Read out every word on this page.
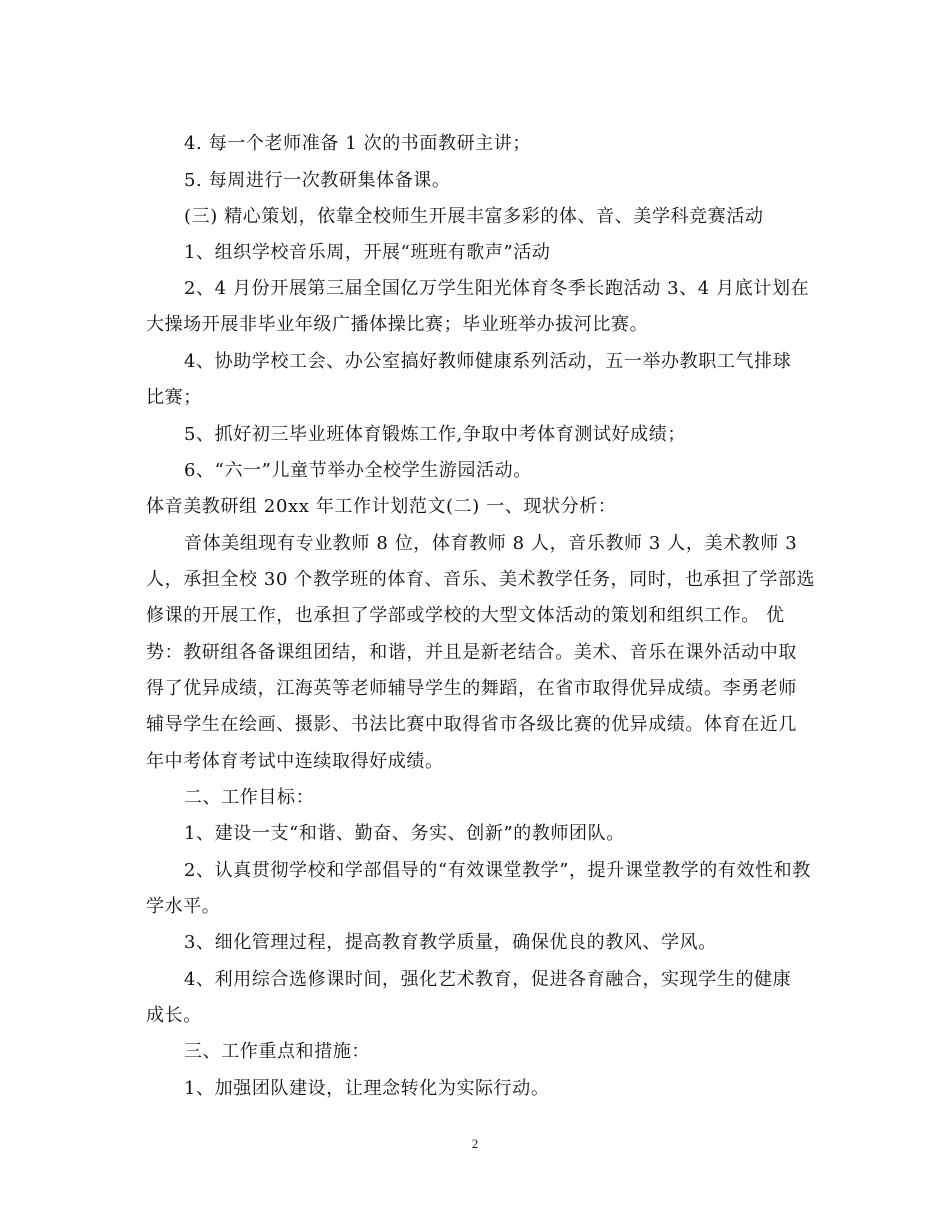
4. 每一个老师准备 1 次的书面教研主讲；
5. 每周进行一次教研集体备课。
(三) 精心策划，依靠全校师生开展丰富多彩的体、音、美学科竞赛活动
1、组织学校音乐周，开展“班班有歌声”活动
2、4 月份开展第三届全国亿万学生阳光体育冬季长跑活动 3、4 月底计划在
大操场开展非毕业年级广播体操比赛；毕业班举办拔河比赛。
4、协助学校工会、办公室搞好教师健康系列活动，五一举办教职工气排球
比赛；
5、抓好初三毕业班体育锻炼工作,争取中考体育测试好成绩；
6、“六一”儿童节举办全校学生游园活动。
体音美教研组 20xx 年工作计划范文(二) 一、现状分析：
音体美组现有专业教师 8 位，体育教师 8 人，音乐教师 3 人，美术教师 3
人，承担全校 30 个教学班的体育、音乐、美术教学任务，同时，也承担了学部选
修课的开展工作，也承担了学部或学校的大型文体活动的策划和组织工作。 优
势：教研组各备课组团结，和谐，并且是新老结合。美术、音乐在课外活动中取
得了优异成绩，江海英等老师辅导学生的舞蹈，在省市取得优异成绩。李勇老师
辅导学生在绘画、摄影、书法比赛中取得省市各级比赛的优异成绩。体育在近几
年中考体育考试中连续取得好成绩。
二、工作目标：
1、建设一支“和谐、勤奋、务实、创新”的教师团队。
2、认真贯彻学校和学部倡导的“有效课堂教学”，提升课堂教学的有效性和教
学水平。
3、细化管理过程，提高教育教学质量，确保优良的教风、学风。
4、利用综合选修课时间，强化艺术教育，促进各育融合，实现学生的健康
成长。
三、工作重点和措施：
1、加强团队建设，让理念转化为实际行动。
2
